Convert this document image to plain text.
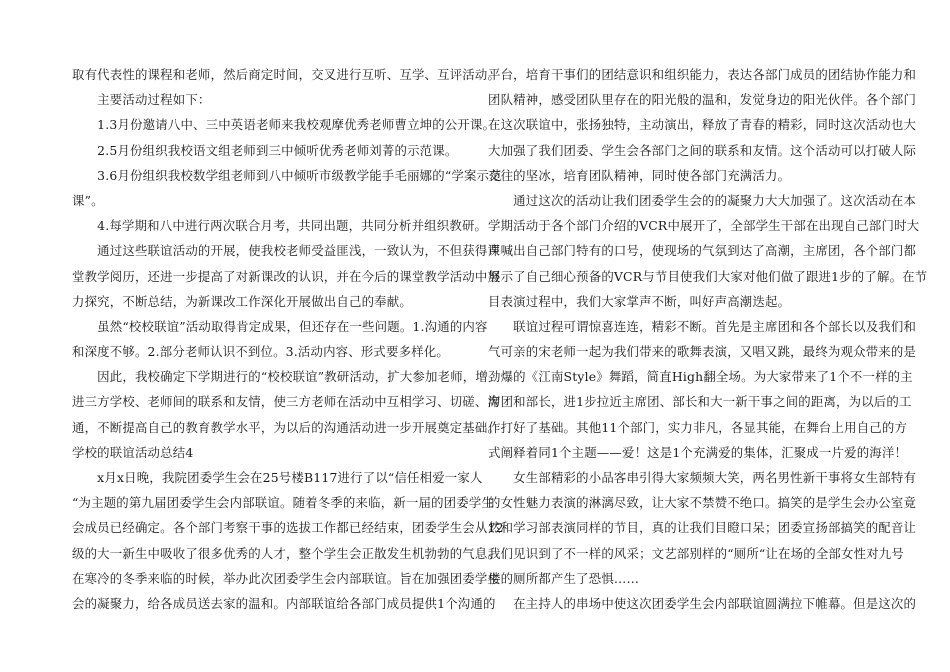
取有代表性的课程和老师，然后商定时间，交叉进行互听、互学、互评活动。
　　主要活动过程如下：
　　1.3月份邀请八中、三中英语老师来我校观摩优秀老师曹立坤的公开课。
　　2.5月份组织我校语文组老师到三中倾听优秀老师刘菁的示范课。
　　3.6月份组织我校数学组老师到八中倾听市级教学能手毛丽娜的“学案示范
课”。
　　4.每学期和八中进行两次联合月考，共同出题，共同分析并组织教研。
　　通过这些联谊活动的开展，使我校老师受益匪浅，一致认为，不但获得课
堂教学阅历，还进一步提高了对新课改的认识，并在今后的课堂教学活动中努
力探究，不断总结，为新课改工作深化开展做出自己的奉献。
　　虽然“校校联谊”活动取得肯定成果，但还存在一些问题。1.沟通的内容
和深度不够。2.部分老师认识不到位。3.活动内容、形式要多样化。
　　因此，我校确定下学期进行的“校校联谊”教研活动，扩大参加老师，增
进三方学校、老师间的联系和友情，使三方老师在活动中互相学习、切磋、沟
通，不断提高自己的教育教学水平，为以后的沟通活动进一步开展奠定基础。
学校的联谊活动总结4
　　x月x日晚，我院团委学生会在25号楼B117进行了以“信任相爱一家人
“为主题的第九届团委学生会内部联谊。随着冬季的来临，新一届的团委学生
会成员已经确定。各个部门考察干事的选拔工作都已经结束，团委学生会从12
级的大一新生中吸收了很多优秀的人才，整个学生会正散发生机勃勃的气息。
在寒冷的冬季来临的时候，举办此次团委学生会内部联谊。旨在加强团委学生
会的凝聚力，给各成员送去家的温和。内部联谊给各部门成员提供1个沟通的
平台，培育干事们的团结意识和组织能力，表达各部门成员的团结协作能力和
团队精神，感受团队里存在的阳光般的温和，发觉身边的阳光伙伴。各个部门
在这次联谊中，张扬独特，主动演出，释放了青春的精彩，同时这次活动也大
大加强了我们团委、学生会各部门之间的联系和友情。这个活动可以打破人际
交往的坚冰，培育团队精神，同时使各部门充满活力。
　　通过这次的活动让我们团委学生会的的凝聚力大大加强了。这次活动在本
学期活动于各个部门介绍的VCR中展开了，全部学生干部在出现自己部门时大
声喊出自己部门特有的口号，使现场的气氛到达了高潮，主席团，各个部门都
展示了自己细心预备的VCR与节目使我们大家对他们做了跟进1步的了解。在节
目表演过程中，我们大家掌声不断，叫好声高潮迭起。
　　联谊过程可谓惊喜连连，精彩不断。首先是主席团和各个部长以及我们和
气可亲的宋老师一起为我们带来的歌舞表演，又唱又跳，最终为观众带来的是
劲爆的《江南Style》舞蹈，简直High翻全场。为大家带来了1个不一样的主
席团和部长，进1步拉近主席团、部长和大一新干事之间的距离，为以后的工
作打好了基础。其他11个部门，实力非凡，各显其能，在舞台上用自己的方
式阐释着同1个主题——爱！这是1个充满爱的集体，汇聚成一片爱的海洋！
　　女生部精彩的小品客串引得大家频频大笑，两名男性新干事将女生部特有
的女性魅力表演的淋漓尽致，让大家不禁赞不绝口。搞笑的是学生会办公室竟
然和学习部表演同样的节目，真的让我们目瞪口呆；团委宣扬部搞笑的配音让
我们见识到了不一样的风采；文艺部别样的“厕所“让在场的全部女性对九号
楼的厕所都产生了恐惧……
　　在主持人的串场中使这次团委学生会内部联谊圆满拉下帷幕。但是这次的
